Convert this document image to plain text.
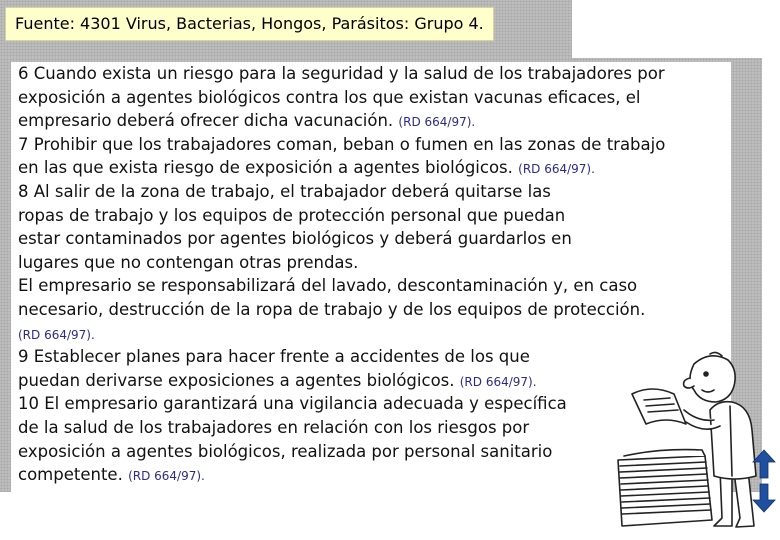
Fuente: 4301 Virus, Bacterias, Hongos, Parásitos: Grupo 4.
6 Cuando exista un riesgo para la seguridad y la salud de los trabajadores por
exposición a agentes biológicos contra los que existan vacunas eficaces, el
empresario deberá ofrecer dicha vacunación. (RD 664/97).
7 Prohibir que los trabajadores coman, beban o fumen en las zonas de trabajo
en las que exista riesgo de exposición a agentes biológicos. (RD 664/97).
8 Al salir de la zona de trabajo, el trabajador deberá quitarse las
ropas de trabajo y los equipos de protección personal que puedan
estar contaminados por agentes biológicos y deberá guardarlos en
lugares que no contengan otras prendas.
El empresario se responsabilizará del lavado, descontaminación y, en caso
necesario, destrucción de la ropa de trabajo y de los equipos de protección.
(RD 664/97).
9 Establecer planes para hacer frente a accidentes de los que
puedan derivarse exposiciones a agentes biológicos. (RD 664/97).
10 El empresario garantizará una vigilancia adecuada y específica
de la salud de los trabajadores en relación con los riesgos por
exposición a agentes biológicos, realizada por personal sanitario
competente. (RD 664/97).
